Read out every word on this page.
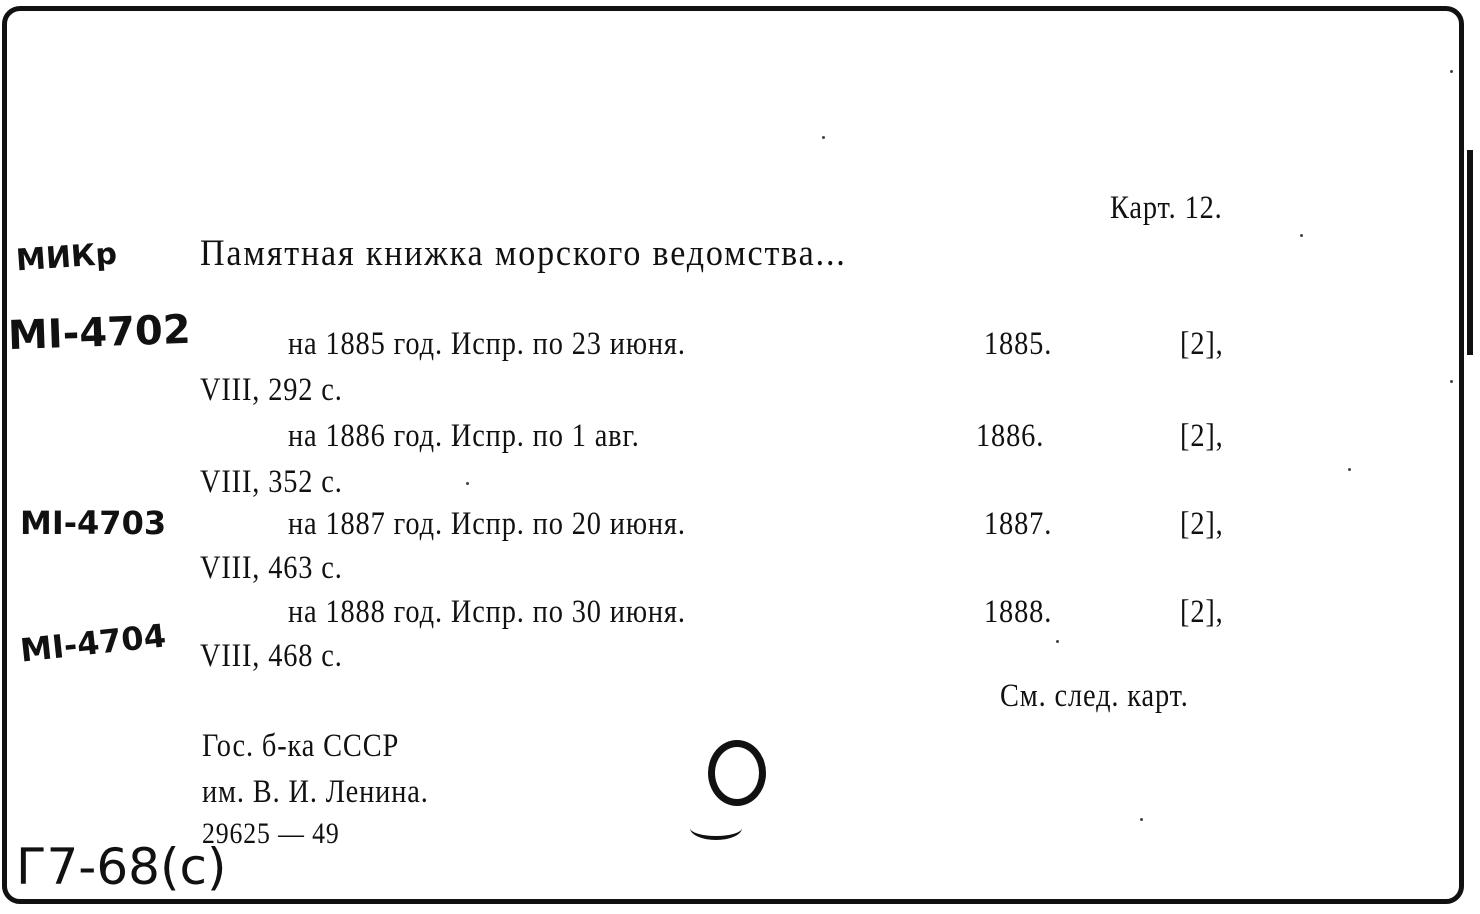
МИКр
МI-4702
МI-4703
МI-4704
Г7-68(с)
Карт. 12.
Памятная книжка морского ведомства...
на 1885 год. Испр. по 23 июня.	1885.	[2],
VIII, 292 с.
на 1886 год. Испр. по 1 авг.	1886.	[2],
VIII, 352 с.
на 1887 год. Испр. по 20 июня.	1887.	[2],
VIII, 463 с.
на 1888 год. Испр. по 30 июня.	1888.	[2],
VIII, 468 с.
См. след. карт.
Гос. б-ка СССР
им. В. И. Ленина.
29625 — 49
